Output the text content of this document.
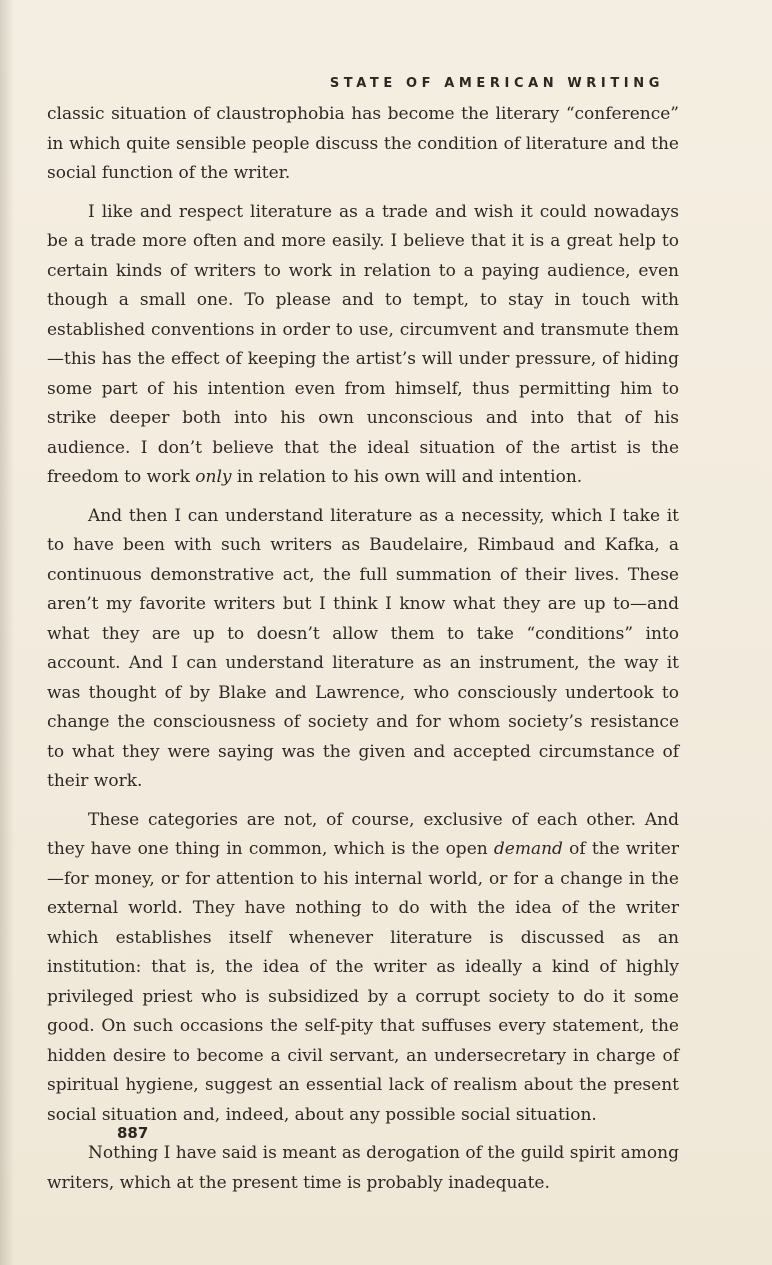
STATE OF AMERICAN WRITING

classic situation of claustrophobia has become the literary “conference” in which quite sensible people discuss the condition of literature and the social function of the writer.

I like and respect literature as a trade and wish it could nowadays be a trade more often and more easily. I believe that it is a great help to certain kinds of writers to work in relation to a paying audience, even though a small one. To please and to tempt, to stay in touch with established conventions in order to use, circumvent and transmute them—this has the effect of keeping the artist’s will under pressure, of hiding some part of his intention even from himself, thus permitting him to strike deeper both into his own unconscious and into that of his audience. I don’t believe that the ideal situation of the artist is the freedom to work only in relation to his own will and intention.

And then I can understand literature as a necessity, which I take it to have been with such writers as Baudelaire, Rimbaud and Kafka, a continuous demonstrative act, the full summation of their lives. These aren’t my favorite writers but I think I know what they are up to—and what they are up to doesn’t allow them to take “conditions” into account. And I can understand literature as an instrument, the way it was thought of by Blake and Lawrence, who consciously undertook to change the consciousness of society and for whom society’s resistance to what they were saying was the given and accepted circumstance of their work.

These categories are not, of course, exclusive of each other. And they have one thing in common, which is the open demand of the writer—for money, or for attention to his internal world, or for a change in the external world. They have nothing to do with the idea of the writer which establishes itself whenever literature is discussed as an institution: that is, the idea of the writer as ideally a kind of highly privileged priest who is subsidized by a corrupt society to do it some good. On such occasions the self-pity that suffuses every statement, the hidden desire to become a civil servant, an undersecretary in charge of spiritual hygiene, suggest an essential lack of realism about the present social situation and, indeed, about any possible social situation.

Nothing I have said is meant as derogation of the guild spirit among writers, which at the present time is probably inadequate.

887
